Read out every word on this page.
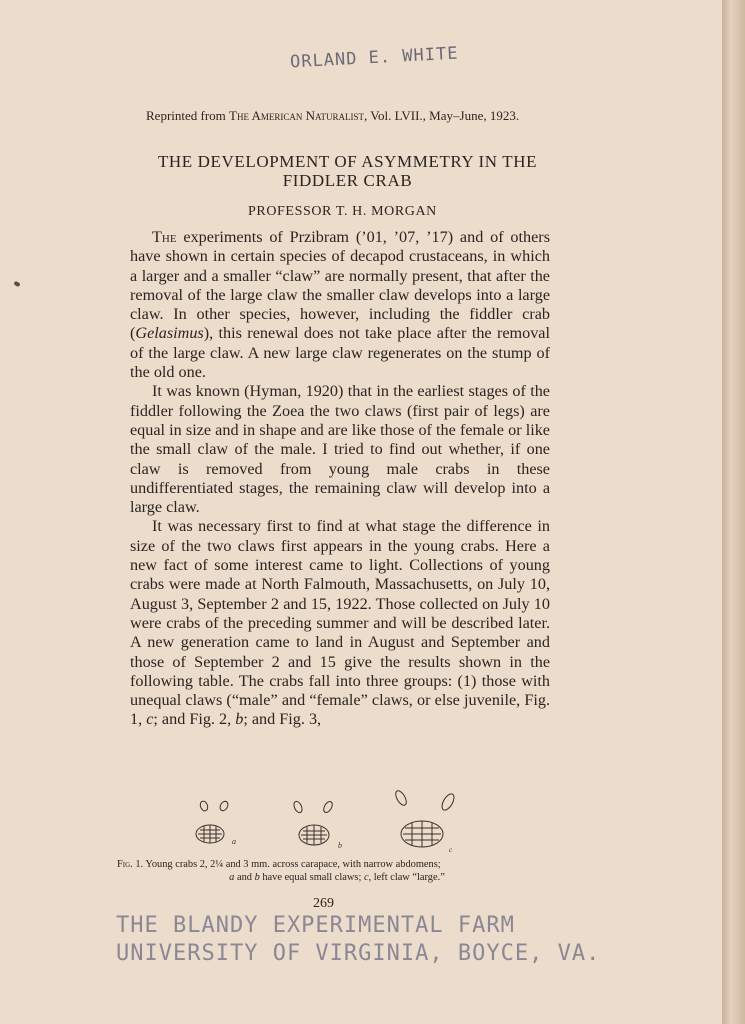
ORLAND E. WHITE
Reprinted from The American Naturalist, Vol. LVII., May–June, 1923.
THE DEVELOPMENT OF ASYMMETRY IN THE
FIDDLER CRAB
PROFESSOR T. H. MORGAN

The experiments of Przibram (’01, ’07, ’17) and of others have shown in certain species of decapod crustaceans, in which a larger and a smaller “claw” are normally present, that after the removal of the large claw the smaller claw develops into a large claw. In other species, however, including the fiddler crab (Gelasimus), this renewal does not take place after the removal of the large claw. A new large claw regenerates on the stump of the old one.

It was known (Hyman, 1920) that in the earliest stages of the fiddler following the Zoea the two claws (first pair of legs) are equal in size and in shape and are like those of the female or like the small claw of the male. I tried to find out whether, if one claw is removed from young male crabs in these undifferentiated stages, the remaining claw will develop into a large claw.

It was necessary first to find at what stage the difference in size of the two claws first appears in the young crabs. Here a new fact of some interest came to light. Collections of young crabs were made at North Falmouth, Massachusetts, on July 10, August 3, September 2 and 15, 1922. Those collected on July 10 were crabs of the preceding summer and will be described later. A new generation came to land in August and September and those of September 2 and 15 give the results shown in the following table. The crabs fall into three groups: (1) those with unequal claws (“male” and “female” claws, or else juvenile, Fig. 1, c; and Fig. 2, b; and Fig. 3,

a	b	c
Fig. 1. Young crabs 2, 2¼ and 3 mm. across carapace, with narrow abdomens;
a and b have equal small claws; c, left claw “large.”
269
THE BLANDY EXPERIMENTAL FARM
UNIVERSITY OF VIRGINIA, BOYCE, VA.
